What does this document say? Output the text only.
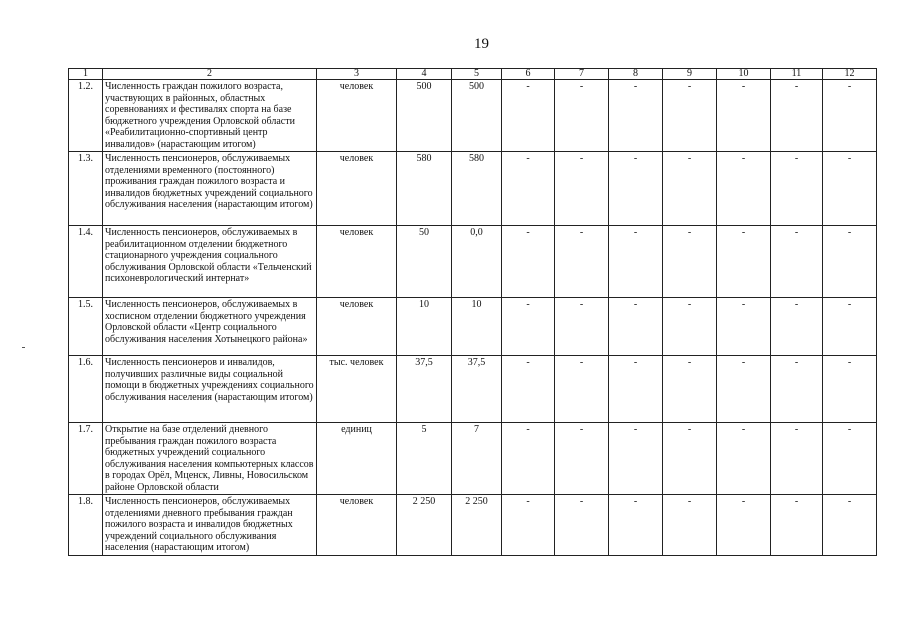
19
1	2	3	4	5	6	7	8	9	10	11	12
1.2.	Численность граждан пожилого возраста, участвующих в районных, областных соревнованиях и фестивалях спорта на базе бюджетного учреждения Орловской области «Реабилитационно-спортивный центр инвалидов» (нарастающим итогом)	человек	500	500	-	-	-	-	-	-	-
1.3.	Численность пенсионеров, обслуживаемых отделениями временного (постоянного) проживания граждан пожилого возраста и инвалидов бюджетных учреждений социального обслуживания населения (нарастающим итогом)	человек	580	580	-	-	-	-	-	-	-
1.4.	Численность пенсионеров, обслуживаемых в реабилитационном отделении бюджетного стационарного учреждения социального обслуживания Орловской области «Тельченский психоневрологический интернат»	человек	50	0,0	-	-	-	-	-	-	-
1.5.	Численность пенсионеров, обслуживаемых в хосписном отделении бюджетного учреждения Орловской области «Центр социального обслуживания населения Хотынецкого района»	человек	10	10	-	-	-	-	-	-	-
1.6.	Численность пенсионеров и инвалидов, получивших различные виды социальной помощи в бюджетных учреждениях социального обслуживания населения (нарастающим итогом)	тыс. человек	37,5	37,5	-	-	-	-	-	-	-
1.7.	Открытие на базе отделений дневного пребывания граждан пожилого возраста бюджетных учреждений социального обслуживания населения компьютерных классов в городах Орёл, Мценск, Ливны, Новосильском районе Орловской области	единиц	5	7	-	-	-	-	-	-	-
1.8.	Численность пенсионеров, обслуживаемых отделениями дневного пребывания граждан пожилого возраста и инвалидов бюджетных учреждений социального обслуживания населения (нарастающим итогом)	человек	2 250	2 250	-	-	-	-	-	-	-
